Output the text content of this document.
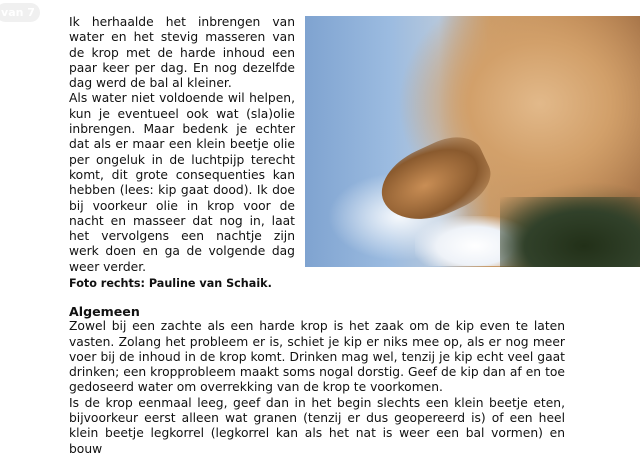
van 7

Ik herhaalde het inbrengen van water en het stevig masseren van de krop met de harde inhoud een paar keer per dag. En nog dezelfde dag werd de bal al kleiner.

Als water niet voldoende wil helpen, kun je eventueel ook wat (sla)olie inbrengen. Maar bedenk je echter dat als er maar een klein beetje olie per ongeluk in de luchtpijp terecht komt, dit grote consequenties kan hebben (lees: kip gaat dood). Ik doe bij voorkeur olie in krop voor de nacht en masseer dat nog in, laat het vervolgens een nachtje zijn werk doen en ga de volgende dag weer verder.

Foto rechts: Pauline van Schaik.
Algemeen

Zowel bij een zachte als een harde krop is het zaak om de kip even te laten vasten. Zolang het probleem er is, schiet je kip er niks mee op, als er nog meer voer bij de inhoud in de krop komt. Drinken mag wel, tenzij je kip echt veel gaat drinken; een kropprobleem maakt soms nogal dorstig. Geef de kip dan af en toe gedoseerd water om overrekking van de krop te voorkomen.

Is de krop eenmaal leeg, geef dan in het begin slechts een klein beetje eten, bijvoorkeur eerst alleen wat granen (tenzij er dus geopereerd is) of een heel klein beetje legkorrel (legkorrel kan als het nat is weer een bal vormen) en bouw
